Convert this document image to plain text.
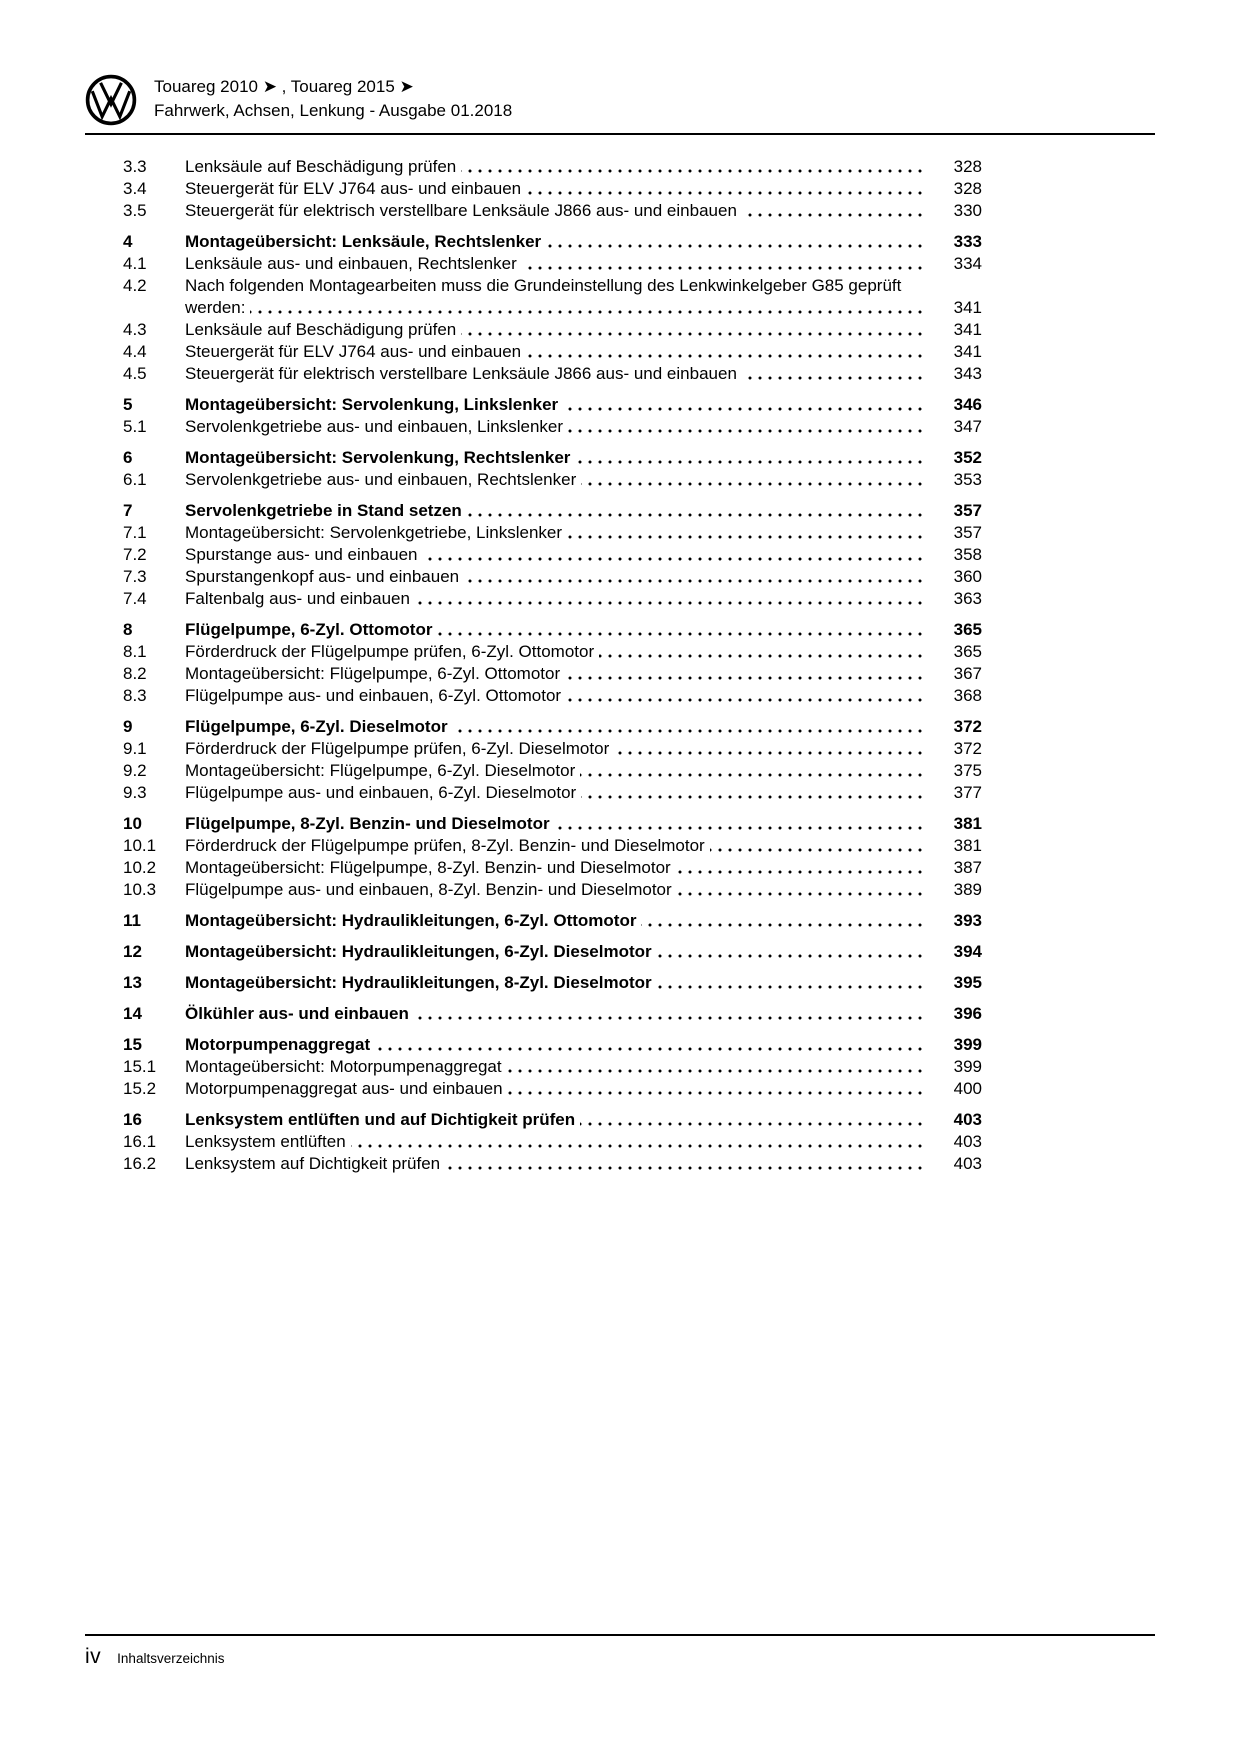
Touareg 2010 ➤ , Touareg 2015 ➤
Fahrwerk, Achsen, Lenkung - Ausgabe 01.2018
3.3	Lenksäule auf Beschädigung prüfen	328
3.4	Steuergerät für ELV J764 aus- und einbauen	328
3.5	Steuergerät für elektrisch verstellbare Lenksäule J866 aus- und einbauen	330
4	Montageübersicht: Lenksäule, Rechtslenker	333
4.1	Lenksäule aus- und einbauen, Rechtslenker	334
4.2	Nach folgenden Montagearbeiten muss die Grundeinstellung des Lenkwinkelgeber G85 geprüft werden:	341
4.3	Lenksäule auf Beschädigung prüfen	341
4.4	Steuergerät für ELV J764 aus- und einbauen	341
4.5	Steuergerät für elektrisch verstellbare Lenksäule J866 aus- und einbauen	343
5	Montageübersicht: Servolenkung, Linkslenker	346
5.1	Servolenkgetriebe aus- und einbauen, Linkslenker	347
6	Montageübersicht: Servolenkung, Rechtslenker	352
6.1	Servolenkgetriebe aus- und einbauen, Rechtslenker	353
7	Servolenkgetriebe in Stand setzen	357
7.1	Montageübersicht: Servolenkgetriebe, Linkslenker	357
7.2	Spurstange aus- und einbauen	358
7.3	Spurstangenkopf aus- und einbauen	360
7.4	Faltenbalg aus- und einbauen	363
8	Flügelpumpe, 6-Zyl. Ottomotor	365
8.1	Förderdruck der Flügelpumpe prüfen, 6-Zyl. Ottomotor	365
8.2	Montageübersicht: Flügelpumpe, 6-Zyl. Ottomotor	367
8.3	Flügelpumpe aus- und einbauen, 6-Zyl. Ottomotor	368
9	Flügelpumpe, 6-Zyl. Dieselmotor	372
9.1	Förderdruck der Flügelpumpe prüfen, 6-Zyl. Dieselmotor	372
9.2	Montageübersicht: Flügelpumpe, 6-Zyl. Dieselmotor	375
9.3	Flügelpumpe aus- und einbauen, 6-Zyl. Dieselmotor	377
10	Flügelpumpe, 8-Zyl. Benzin- und Dieselmotor	381
10.1	Förderdruck der Flügelpumpe prüfen, 8-Zyl. Benzin- und Dieselmotor	381
10.2	Montageübersicht: Flügelpumpe, 8-Zyl. Benzin- und Dieselmotor	387
10.3	Flügelpumpe aus- und einbauen, 8-Zyl. Benzin- und Dieselmotor	389
11	Montageübersicht: Hydraulikleitungen, 6-Zyl. Ottomotor	393
12	Montageübersicht: Hydraulikleitungen, 6-Zyl. Dieselmotor	394
13	Montageübersicht: Hydraulikleitungen, 8-Zyl. Dieselmotor	395
14	Ölkühler aus- und einbauen	396
15	Motorpumpenaggregat	399
15.1	Montageübersicht: Motorpumpenaggregat	399
15.2	Motorpumpenaggregat aus- und einbauen	400
16	Lenksystem entlüften und auf Dichtigkeit prüfen	403
16.1	Lenksystem entlüften	403
16.2	Lenksystem auf Dichtigkeit prüfen	403
iv Inhaltsverzeichnis
